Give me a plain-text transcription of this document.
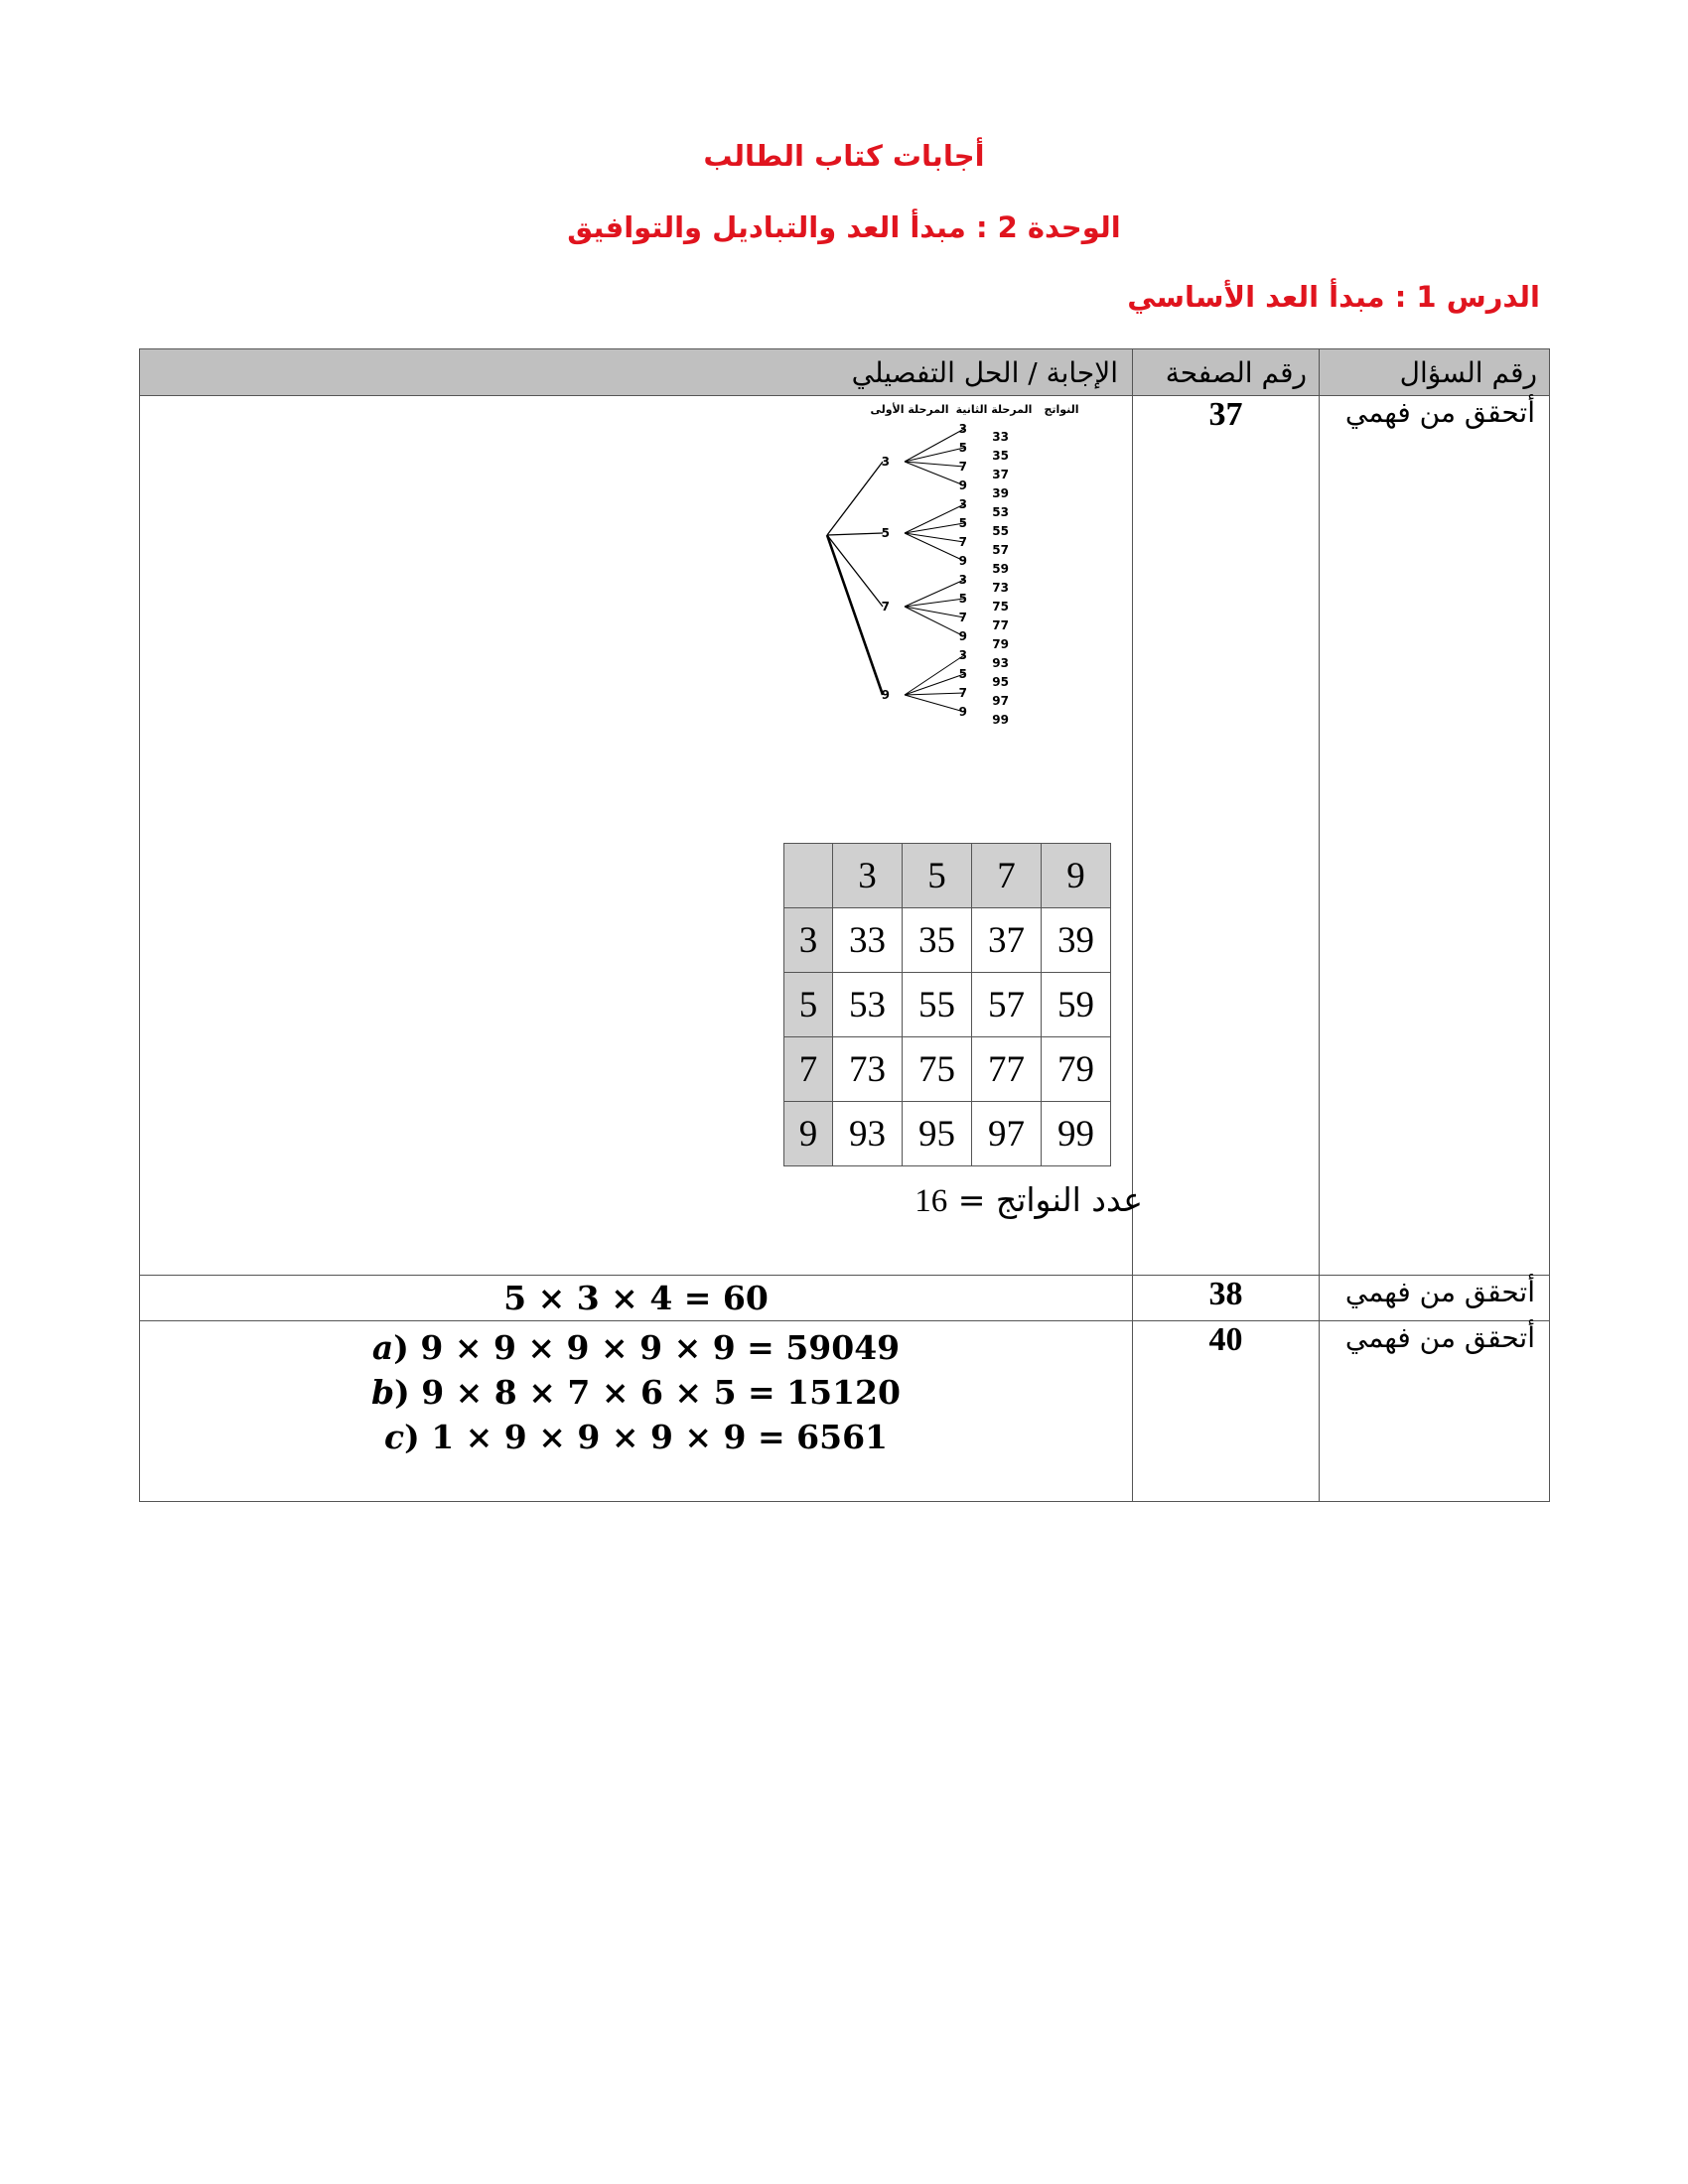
أجابات كتاب الطالب
الوحدة 2 : مبدأ العد والتباديل والتوافيق
الدرس 1 : مبدأ العد الأساسي
رقم السؤال	رقم الصفحة	الإجابة / الحل التفصيلي
أتحقق من فهمي	37	
المرحلة الأولى المرحلة الثانية النواتج
3
5
7
9
3
33
5
35
7
37
9
39
3
53
5
55
7
57
9
59
3
73
5
75
7
77
9
79
3
93
5
95
7
97
9
99
	3	5	7	9
3	33	35	37	39
5	53	55	57	59
7	73	75	77	79
9	93	95	97	99
عدد النواتج = 16

أتحقق من فهمي	38	5 × 3 × 4 = 60
أتحقق من فهمي	40	
a) 9 × 9 × 9 × 9 × 9 = 59049
b) 9 × 8 × 7 × 6 × 5 = 15120
c) 1 × 9 × 9 × 9 × 9 = 6561
